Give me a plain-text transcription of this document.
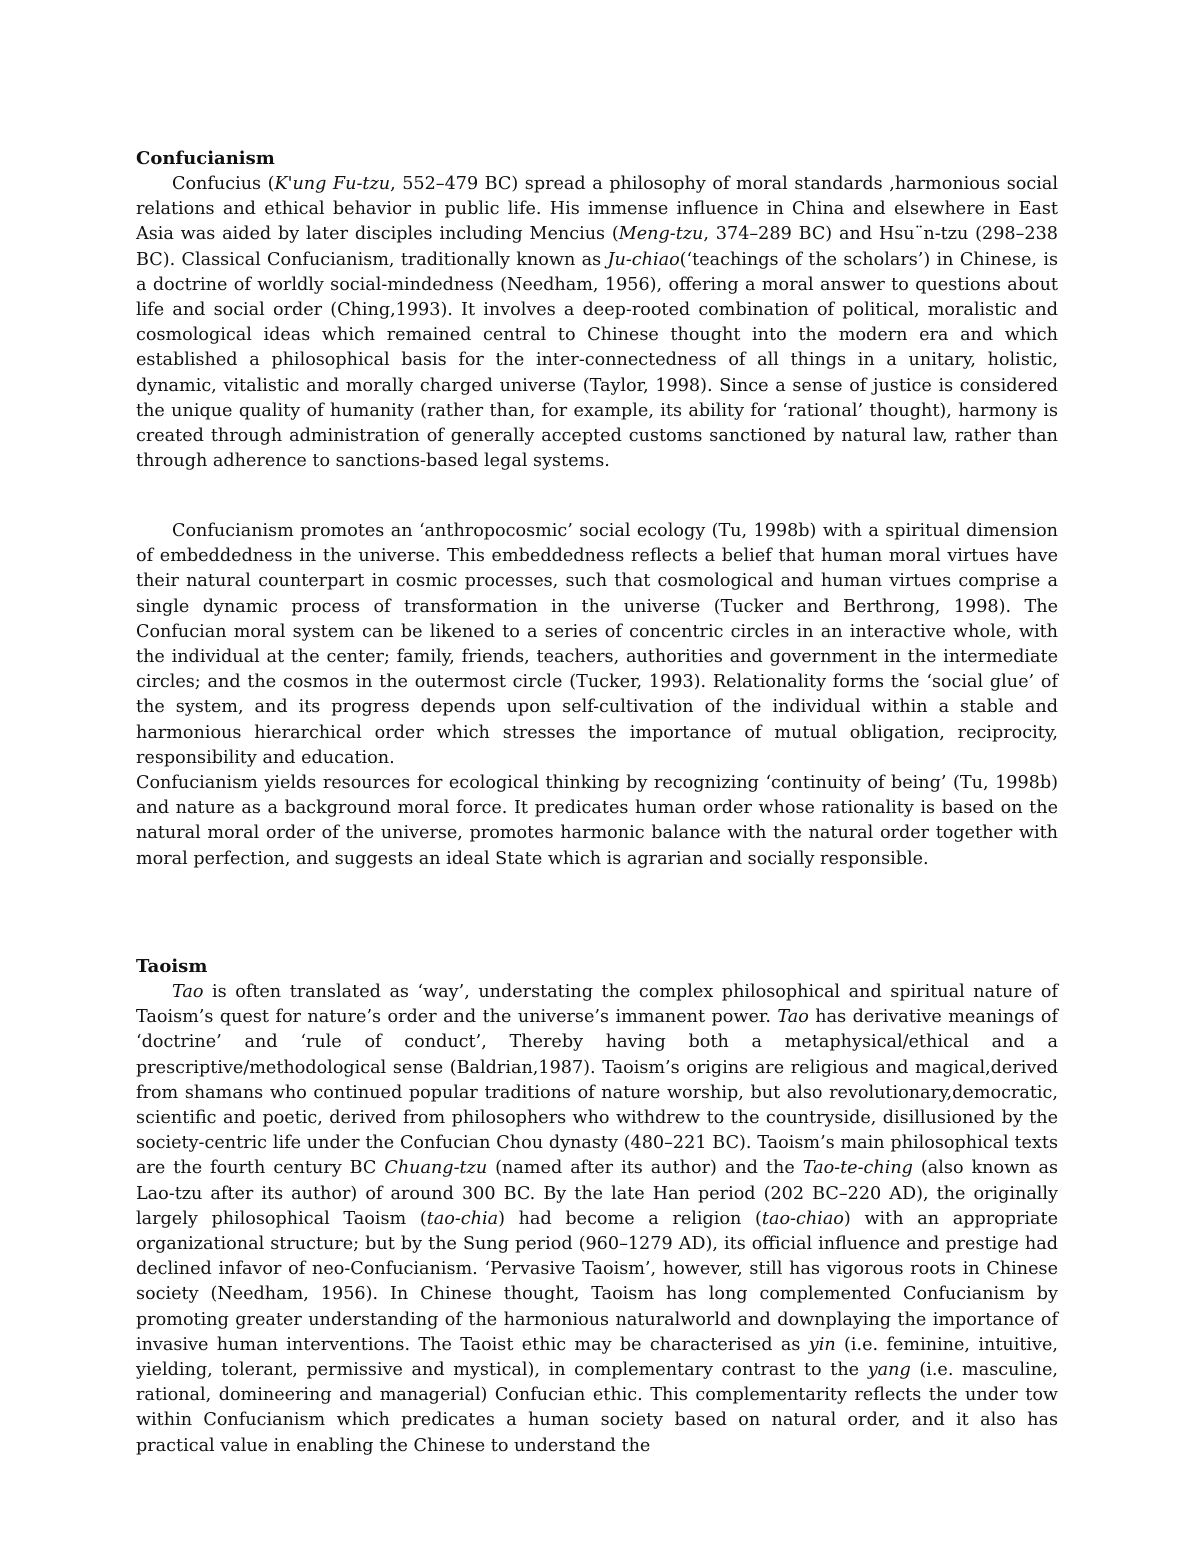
Confucianism

Confucius (K'ung Fu-tzu, 552–479 BC) spread a philosophy of moral standards ,harmonious social relations and ethical behavior in public life. His immense influence in China and elsewhere in East Asia was aided by later disciples including Mencius (Meng-tzu, 374–289 BC) and Hsu¨n-tzu (298–238 BC). Classical Confucianism, traditionally known as Ju-chiao(‘teachings of the scholars’) in Chinese, is a doctrine of worldly social-mindedness (Needham, 1956), offering a moral answer to questions about life and social order (Ching,1993). It involves a deep-rooted combination of political, moralistic and cosmological ideas which remained central to Chinese thought into the modern era and which established a philosophical basis for the inter-connectedness of all things in a unitary, holistic, dynamic, vitalistic and morally charged universe (Taylor, 1998). Since a sense of justice is considered the unique quality of humanity (rather than, for example, its ability for ‘rational’ thought), harmony is created through administration of generally accepted customs sanctioned by natural law, rather than through adherence to sanctions-based legal systems.

Confucianism promotes an ‘anthropocosmic’ social ecology (Tu, 1998b) with a spiritual dimension of embeddedness in the universe. This embeddedness reflects a belief that human moral virtues have their natural counterpart in cosmic processes, such that cosmological and human virtues comprise a single dynamic process of transformation in the universe (Tucker and Berthrong, 1998). The Confucian moral system can be likened to a series of concentric circles in an interactive whole, with the individual at the center; family, friends, teachers, authorities and government in the intermediate circles; and the cosmos in the outermost circle (Tucker, 1993). Relationality forms the ‘social glue’ of the system, and its progress depends upon self-cultivation of the individual within a stable and harmonious hierarchical order which stresses the importance of mutual obligation, reciprocity, responsibility and education.

Confucianism yields resources for ecological thinking by recognizing ‘continuity of being’ (Tu, 1998b) and nature as a background moral force. It predicates human order whose rationality is based on the natural moral order of the universe, promotes harmonic balance with the natural order together with moral perfection, and suggests an ideal State which is agrarian and socially responsible.

Taoism

Tao is often translated as ‘way’, understating the complex philosophical and spiritual nature of Taoism’s quest for nature’s order and the universe’s immanent power. Tao has derivative meanings of ‘doctrine’ and ‘rule of conduct’, Thereby having both a metaphysical/ethical and a prescriptive/methodological sense (Baldrian,1987). Taoism’s origins are religious and magical,derived from shamans who continued popular traditions of nature worship, but also revolutionary,democratic, scientific and poetic, derived from philosophers who withdrew to the countryside, disillusioned by the society-centric life under the Confucian Chou dynasty (480–221 BC). Taoism’s main philosophical texts are the fourth century BC Chuang-tzu (named after its author) and the Tao-te-ching (also known as Lao-tzu after its author) of around 300 BC. By the late Han period (202 BC–220 AD), the originally largely philosophical Taoism (tao-chia) had become a religion (tao-chiao) with an appropriate organizational structure; but by the Sung period (960–1279 AD), its official influence and prestige had declined infavor of neo-Confucianism. ‘Pervasive Taoism’, however, still has vigorous roots in Chinese society (Needham, 1956). In Chinese thought, Taoism has long complemented Confucianism by promoting greater understanding of the harmonious naturalworld and downplaying the importance of invasive human interventions. The Taoist ethic may be characterised as yin (i.e. feminine, intuitive, yielding, tolerant, permissive and mystical), in complementary contrast to the yang (i.e. masculine, rational, domineering and managerial) Confucian ethic. This complementarity reflects the under tow within Confucianism which predicates a human society based on natural order, and it also has practical value in enabling the Chinese to understand the
